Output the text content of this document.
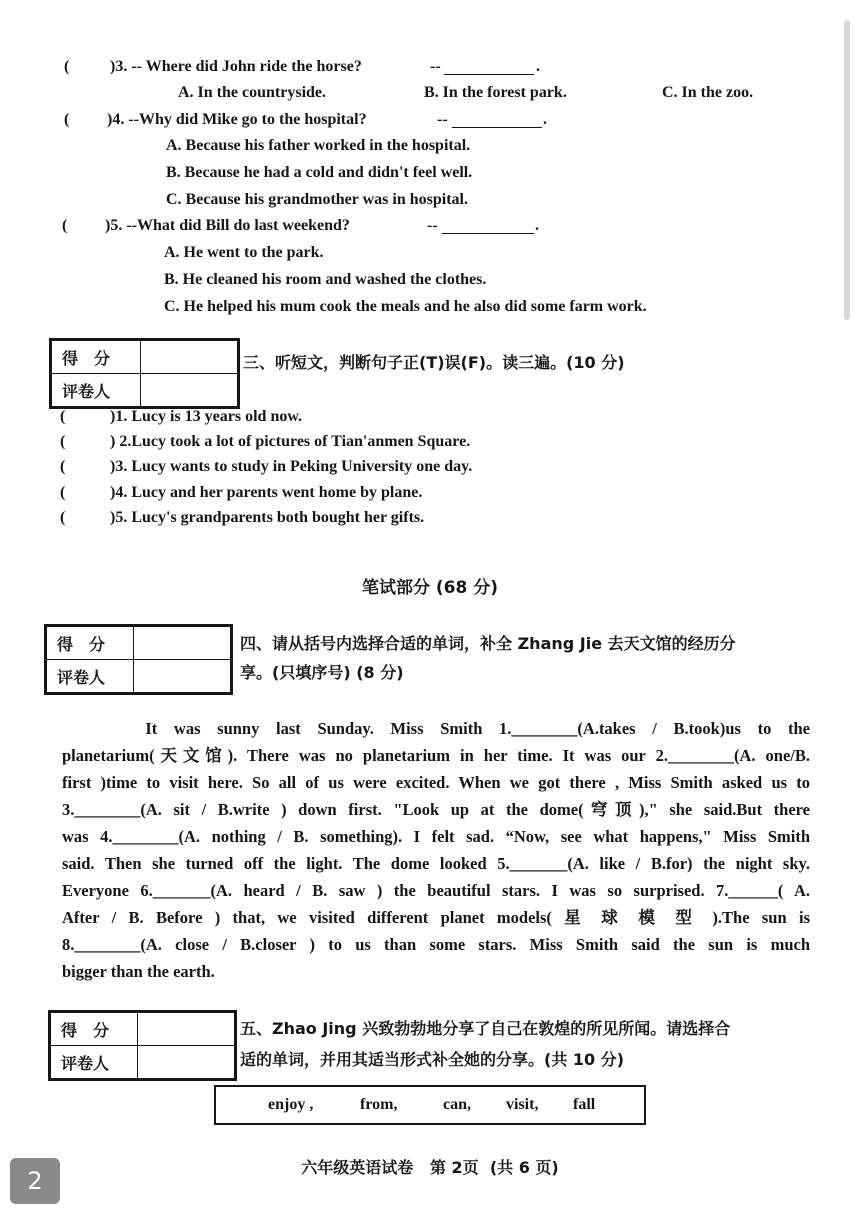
(	)3. -- Where did John ride the horse?	--	.
A. In the countryside.	B. In the forest park.	C. In the zoo.
( )4. --Why did Mike go to the hospital?	--	.
A. Because his father worked in the hospital.
B. Because he had a cold and didn't feel well.
C. Because his grandmother was in hospital.
( )5. --What did Bill do last weekend?	--	.
A. He went to the park.
B. He cleaned his room and washed the clothes.
C. He helped his mum cook the meals and he also did some farm work.
得　分	
评卷人	
三、听短文，判断句子正(T)误(F)。读三遍。(10 分)
(	)1. Lucy is 13 years old now.
(	) 2.Lucy took a lot of pictures of Tian'anmen Square.
(	)3. Lucy wants to study in Peking University one day.
(	)4. Lucy and her parents went home by plane.
(	)5. Lucy's grandparents both bought her gifts.
笔试部分 (68 分)
得　分	
评卷人	
四、请从括号内选择合适的单词，补全 Zhang Jie 去天文馆的经历分
享。(只填序号) (8 分)
It was sunny last Sunday. Miss Smith 1.________(A.takes / B.took)us to the
planetarium(天文馆). There was no planetarium in her time. It was our 2.________(A. one/B.
first )time to visit here. So all of us were excited. When we got there , Miss Smith asked us to
3.________(A. sit / B.write ) down first. "Look up at the dome(穹顶)," she said.But there
was 4.________(A. nothing / B. something). I felt sad. “Now, see what happens," Miss Smith
said. Then she turned off the light. The dome looked 5._______(A. like / B.for) the night sky.
Everyone 6._______(A. heard / B. saw ) the beautiful stars. I was so surprised. 7.______( A.
After / B. Before ) that, we visited different planet models( 星 球 模 型 ).The sun is
8.________(A. close / B.closer ) to us than some stars. Miss Smith said the sun is much
bigger than the earth.
得　分	
评卷人	
五、Zhao Jing 兴致勃勃地分享了自己在敦煌的所见所闻。请选择合
适的单词，并用其适当形式补全她的分享。(共 10 分)
enjoy ,	from,	can, visit, fall
六年级英语试卷   第 2页  (共 6 页)
2
